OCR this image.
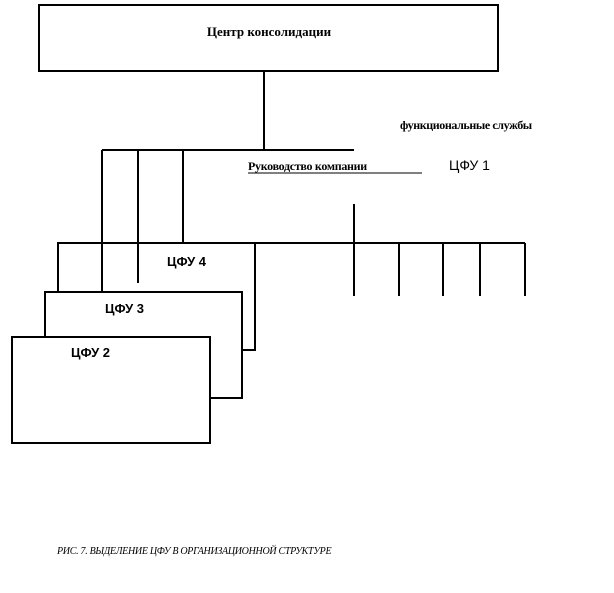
Центр консолидации
функциональные службы
Руководство компании	ЦФУ 1
ЦФУ 4
ЦФУ 3
ЦФУ 2
РИС. 7. ВЫДЕЛЕНИЕ ЦФУ В ОРГАНИЗАЦИОННОЙ СТРУКТУРЕ
